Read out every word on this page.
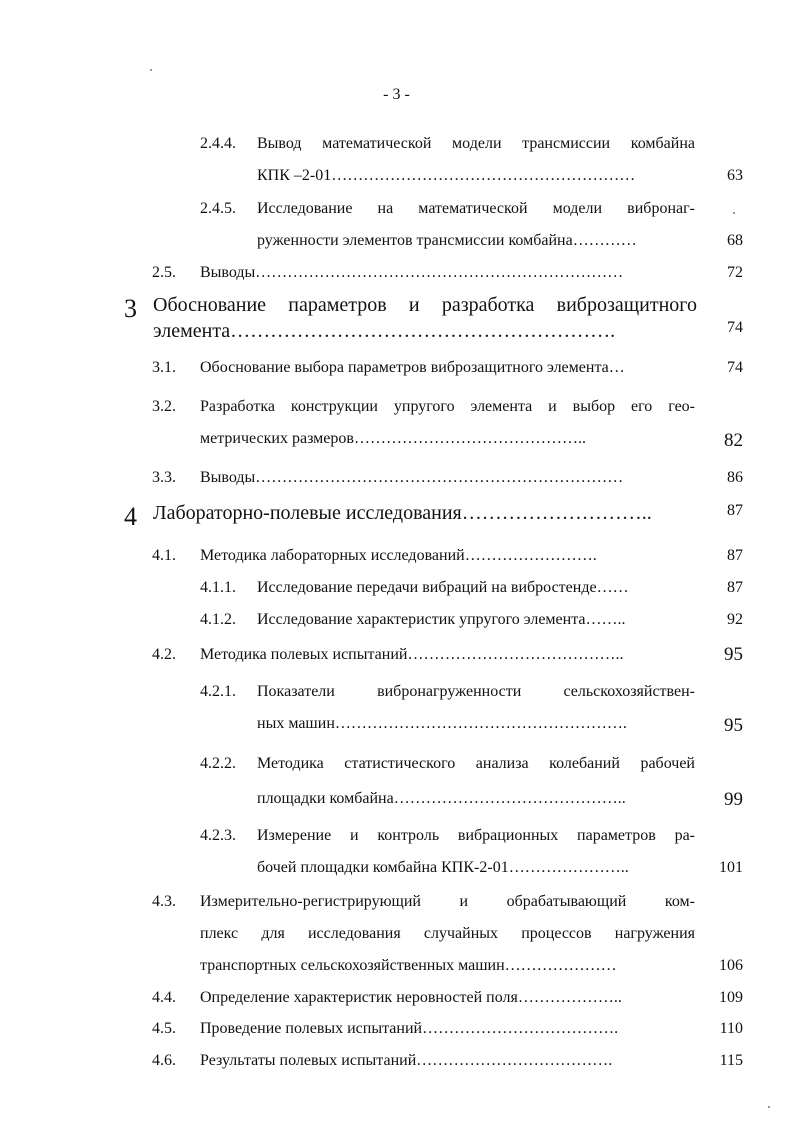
- 3 -
2.4.4. Вывод математической модели трансмиссии комбайна
КПК –2-01…………………………………………………	63
2.4.5. Исследование на математической модели вибронаг-
руженности элементов трансмиссии комбайна…………	68
2.5. Выводы……………………………………………………………	72
3 Обоснование параметров и разработка виброзащитного
элемента………………………………………………….	74
3.1. Обоснование выбора параметров виброзащитного элемента…	74
3.2. Разработка конструкции упругого элемента и выбор его гео-
метрических размеров……………………………………..	82
3.3. Выводы……………………………………………………………	86
4 Лабораторно-полевые исследования………………………..	87
4.1. Методика лабораторных исследований…………………….	87
4.1.1. Исследование передачи вибраций на вибростенде……	87
4.1.2. Исследование характеристик упругого элемента……..	92
4.2. Методика полевых испытаний…………………………………..	95
4.2.1. Показатели вибронагруженности сельскохозяйствен-
ных машин……………………………………………….	95
4.2.2. Методика статистического анализа колебаний рабочей
площадки комбайна……………………………………..	99
4.2.3. Измерение и контроль вибрационных параметров ра-
бочей площадки комбайна КПК-2-01…………………..	101
4.3. Измерительно-регистрирующий и обрабатывающий ком-
плекс для исследования случайных процессов нагружения
транспортных сельскохозяйственных машин…………………	106
4.4. Определение характеристик неровностей поля………………..	109
4.5. Проведение полевых испытаний……………………………….	110
4.6. Результаты полевых испытаний……………………………….	115
